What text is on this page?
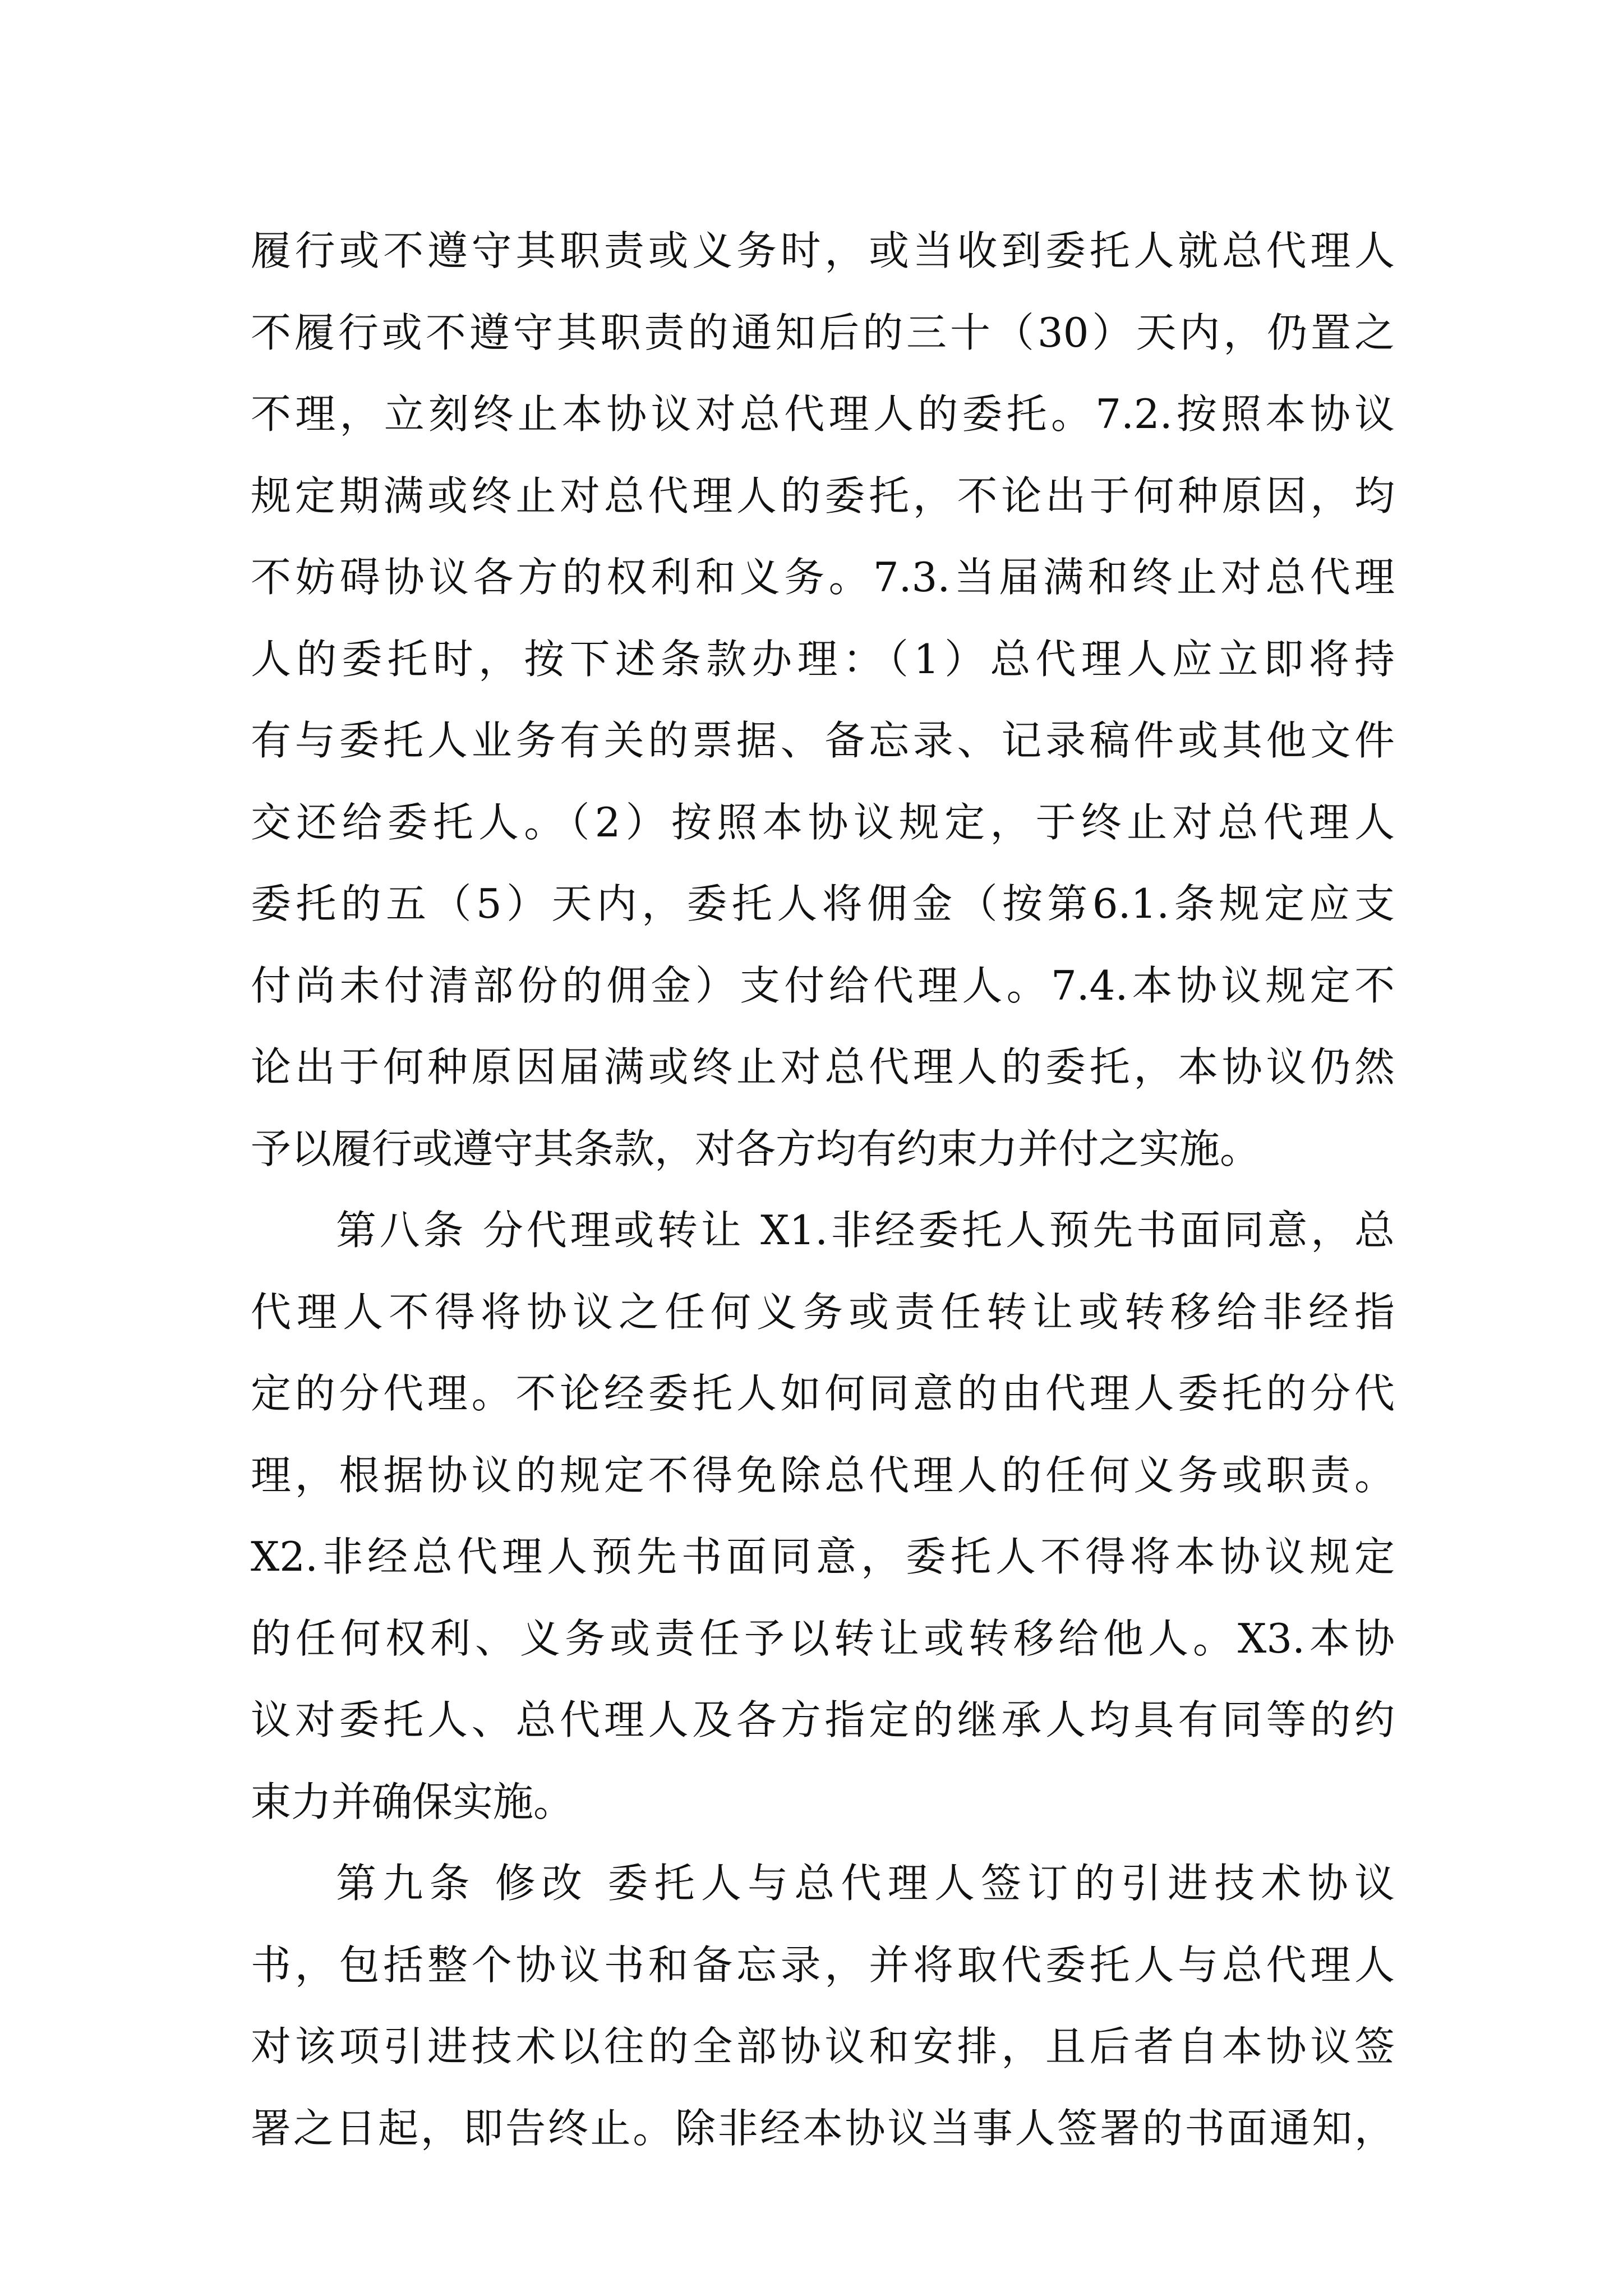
履行或不遵守其职责或义务时，或当收到委托人就总代理人
不履行或不遵守其职责的通知后的三十（30）天内，仍置之
不理，立刻终止本协议对总代理人的委托。7.2.按照本协议
规定期满或终止对总代理人的委托，不论出于何种原因，均
不妨碍协议各方的权利和义务。7.3.当届满和终止对总代理
人的委托时，按下述条款办理：（1）总代理人应立即将持
有与委托人业务有关的票据、备忘录、记录稿件或其他文件
交还给委托人。（2）按照本协议规定，于终止对总代理人
委托的五（5）天内，委托人将佣金（按第6.1.条规定应支
付尚未付清部份的佣金）支付给代理人。7.4.本协议规定不
论出于何种原因届满或终止对总代理人的委托，本协议仍然
予以履行或遵守其条款，对各方均有约束力并付之实施。

第八条 分代理或转让 X1.非经委托人预先书面同意，总
代理人不得将协议之任何义务或责任转让或转移给非经指
定的分代理。不论经委托人如何同意的由代理人委托的分代
理，根据协议的规定不得免除总代理人的任何义务或职责。
X2.非经总代理人预先书面同意，委托人不得将本协议规定
的任何权利、义务或责任予以转让或转移给他人。X3.本协
议对委托人、总代理人及各方指定的继承人均具有同等的约
束力并确保实施。

第九条 修改 委托人与总代理人签订的引进技术协议
书，包括整个协议书和备忘录，并将取代委托人与总代理人
对该项引进技术以往的全部协议和安排，且后者自本协议签
署之日起，即告终止。除非经本协议当事人签署的书面通知，
